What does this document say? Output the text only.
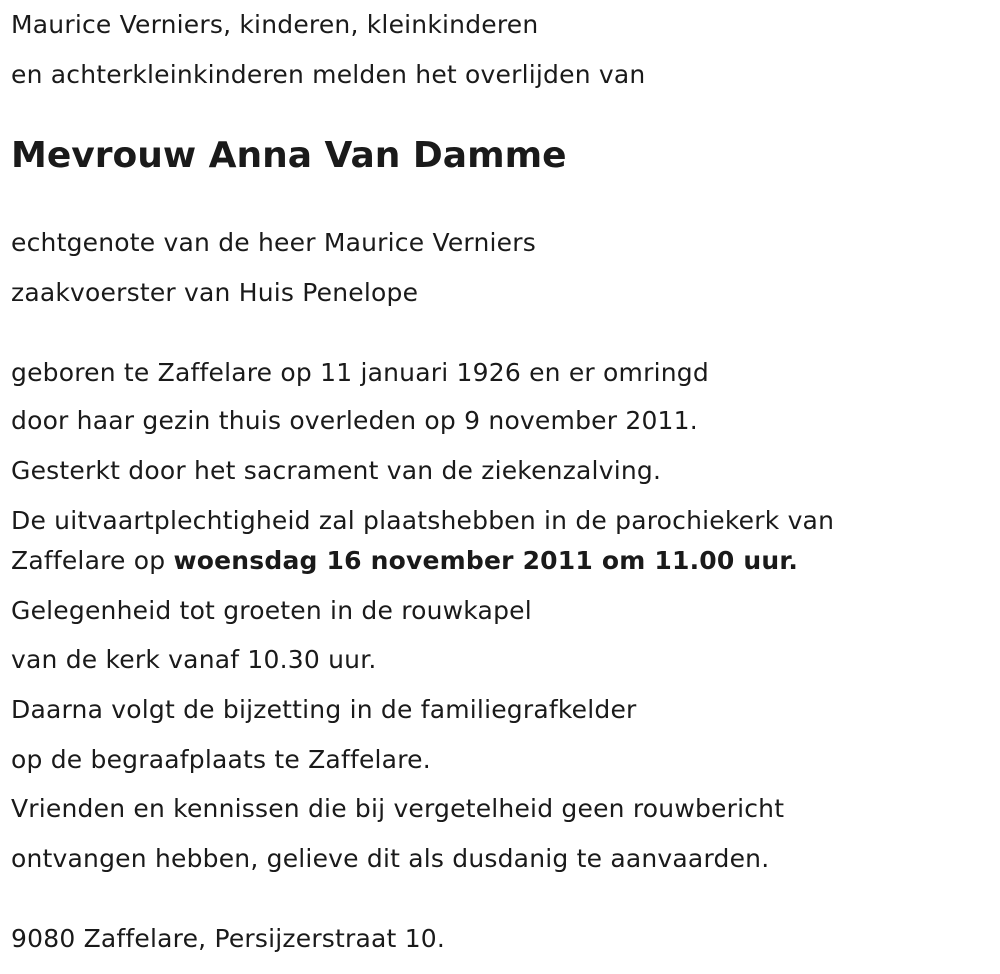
Maurice Verniers, kinderen, kleinkinderen
en achterkleinkinderen melden het overlijden van
Mevrouw Anna Van Damme
echtgenote van de heer Maurice Verniers
zaakvoerster van Huis Penelope
geboren te Zaffelare op 11 januari 1926 en er omringd
door haar gezin thuis overleden op 9 november 2011.
Gesterkt door het sacrament van de ziekenzalving.
De uitvaartplechtigheid zal plaatshebben in de parochiekerk van
Zaffelare op woensdag 16 november 2011 om 11.00 uur.
Gelegenheid tot groeten in de rouwkapel
van de kerk vanaf 10.30 uur.
Daarna volgt de bijzetting in de familiegrafkelder
op de begraafplaats te Zaffelare.
Vrienden en kennissen die bij vergetelheid geen rouwbericht
ontvangen hebben, gelieve dit als dusdanig te aanvaarden.
9080 Zaffelare, Persijzerstraat 10.
